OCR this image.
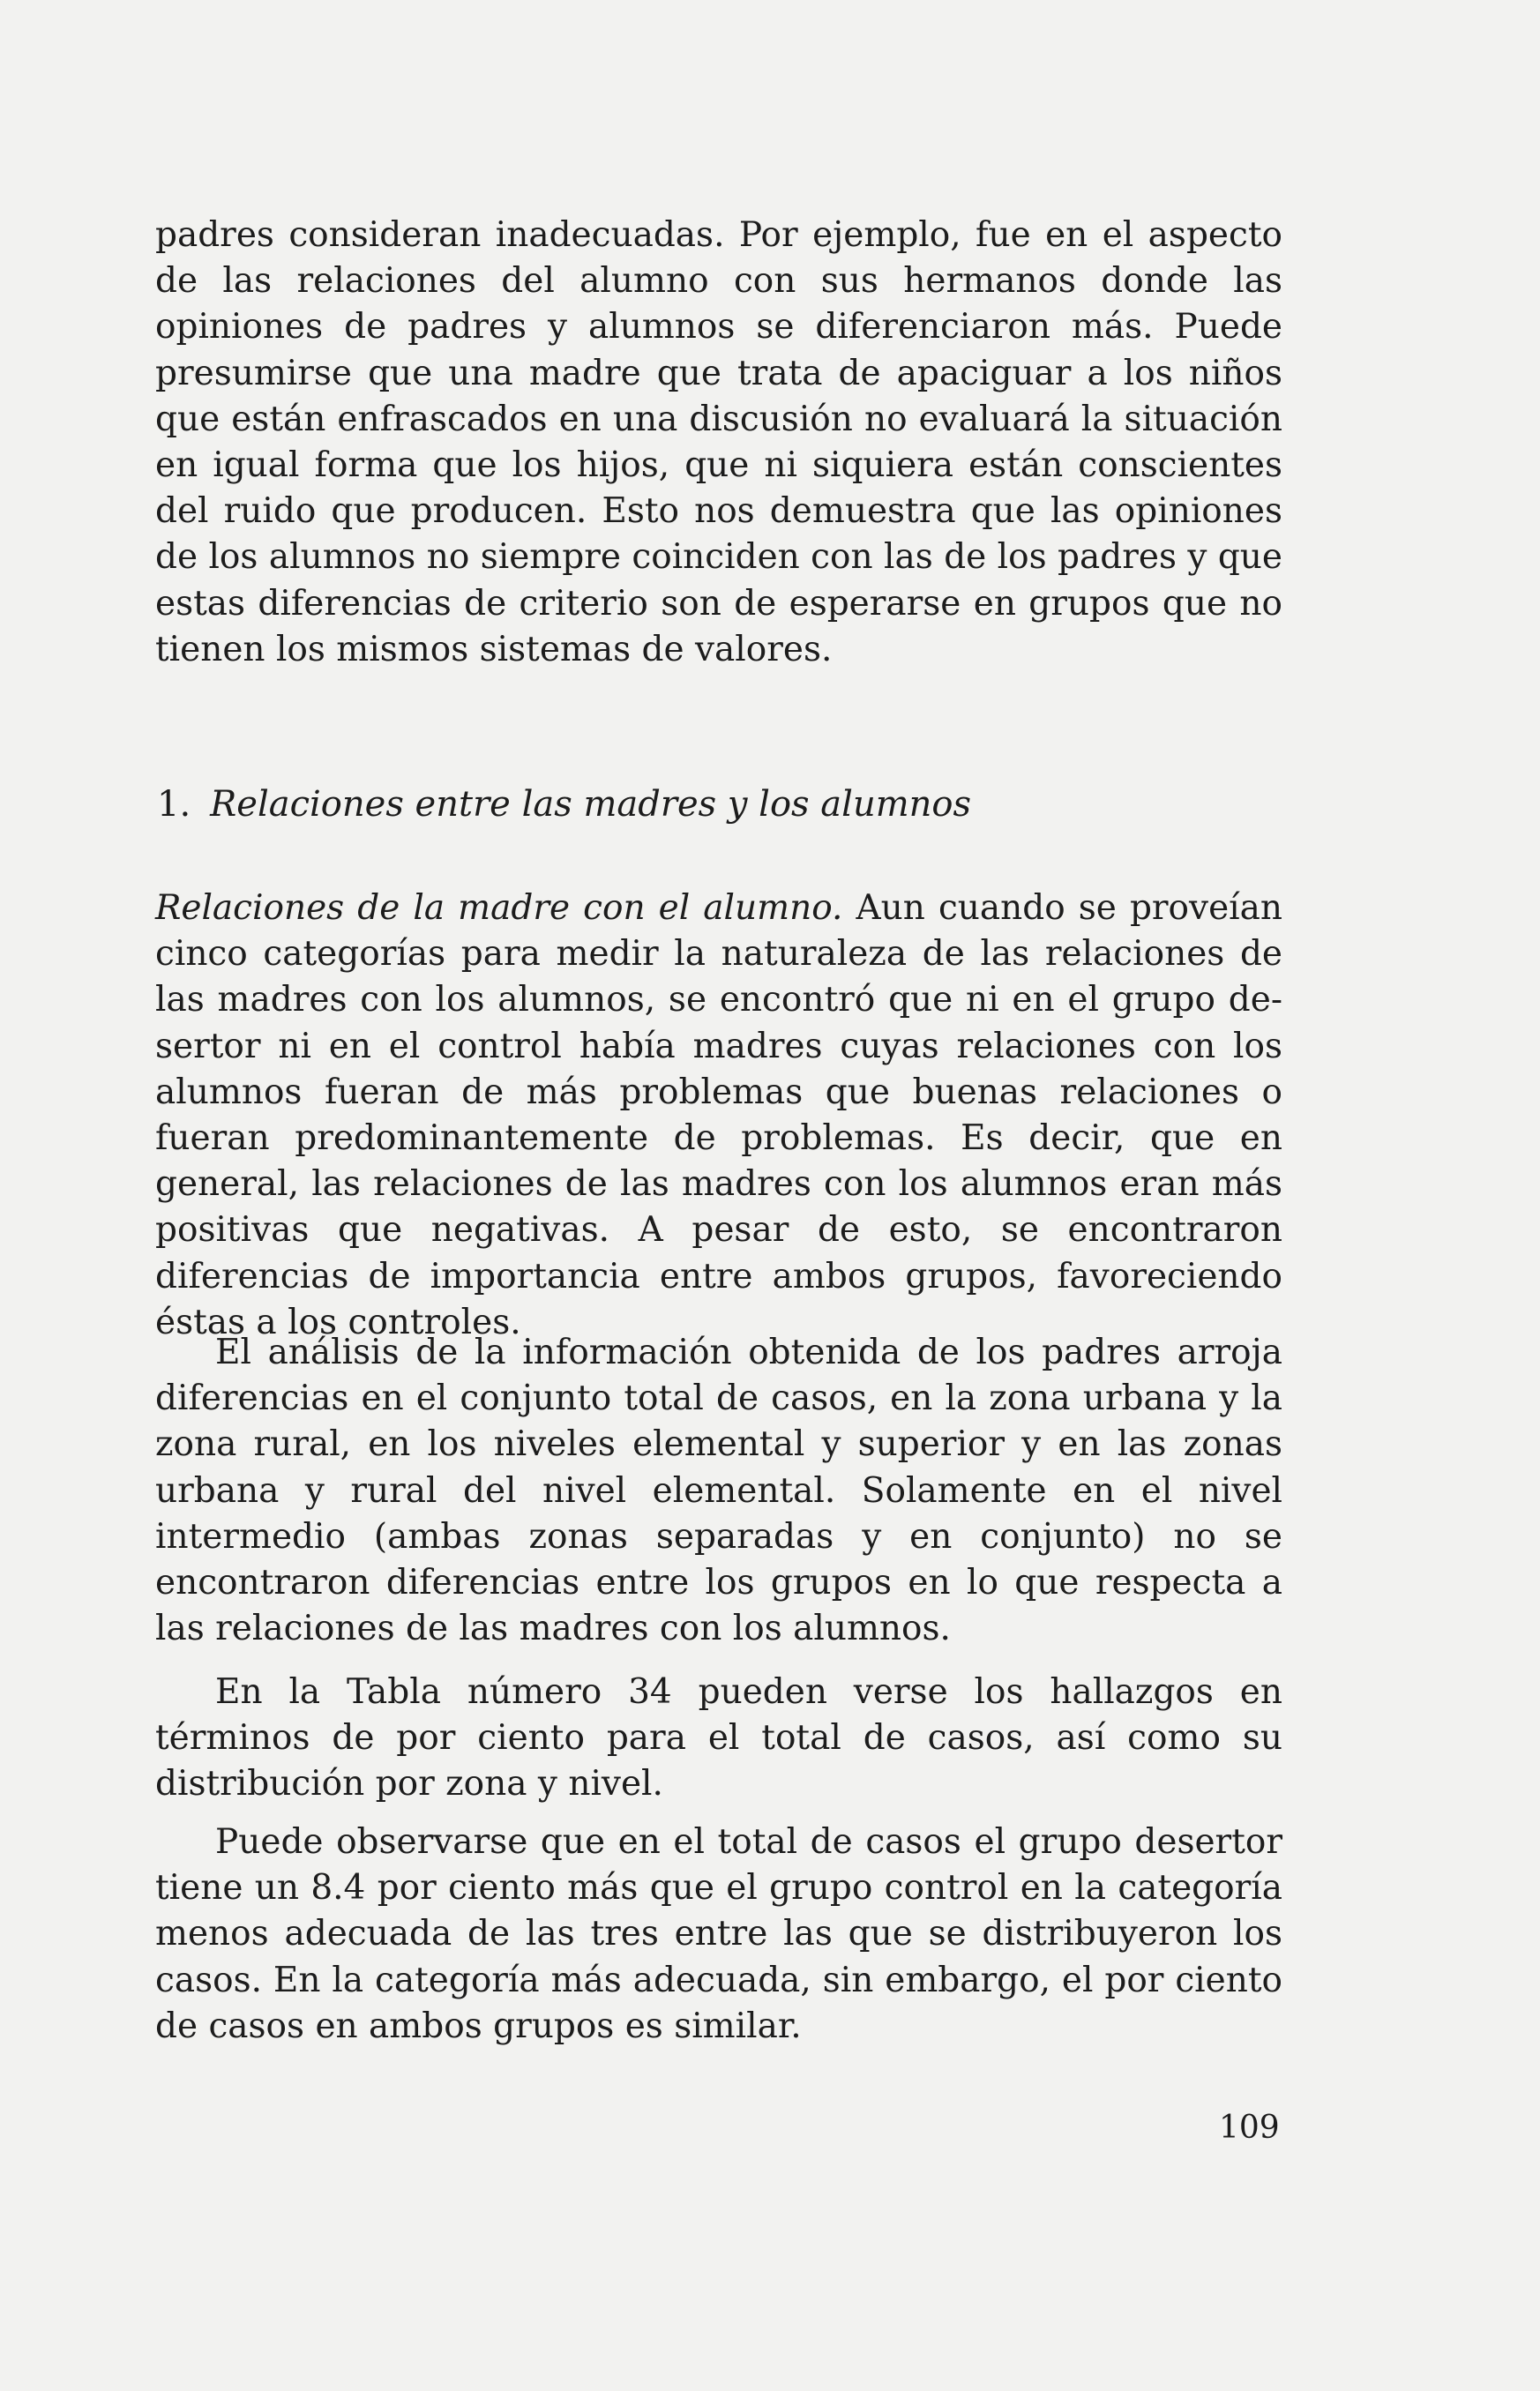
padres consideran inadecuadas. Por ejemplo, fue en el aspecto de las relaciones del alumno con sus hermanos donde las opiniones de padres y alumnos se diferenciaron más. Puede presumirse que una madre que trata de apaciguar a los niños que están enfrascados en una discusión no evaluará la situación en igual forma que los hijos, que ni siquiera están conscientes del ruido que producen. Esto nos demuestra que las opiniones de los alumnos no siempre coinciden con las de los padres y que estas diferencias de criterio son de esperarse en grupos que no tienen los mismos sistemas de valores.

1. Relaciones entre las madres y los alumnos

Relaciones de la madre con el alumno. Aun cuando se proveían cinco categorías para medir la naturaleza de las relaciones de las madres con los alumnos, se encontró que ni en el grupo desertor ni en el control había madres cuyas relaciones con los alumnos fueran de más problemas que buenas relaciones o fueran predominantemente de problemas. Es decir, que en general, las relaciones de las madres con los alumnos eran más positivas que negativas. A pesar de esto, se encontraron diferencias de importancia entre ambos grupos, favoreciendo éstas a los controles.

El análisis de la información obtenida de los padres arroja diferencias en el conjunto total de casos, en la zona urbana y la zona rural, en los niveles elemental y superior y en las zonas urbana y rural del nivel elemental. Solamente en el nivel intermedio (ambas zonas separadas y en conjunto) no se encontraron diferencias entre los grupos en lo que respecta a las relaciones de las madres con los alumnos.

En la Tabla número 34 pueden verse los hallazgos en términos de por ciento para el total de casos, así como su distribución por zona y nivel.

Puede observarse que en el total de casos el grupo desertor tiene un 8.4 por ciento más que el grupo control en la categoría menos adecuada de las tres entre las que se distribuyeron los casos. En la categoría más adecuada, sin embargo, el por ciento de casos en ambos grupos es similar.

109
